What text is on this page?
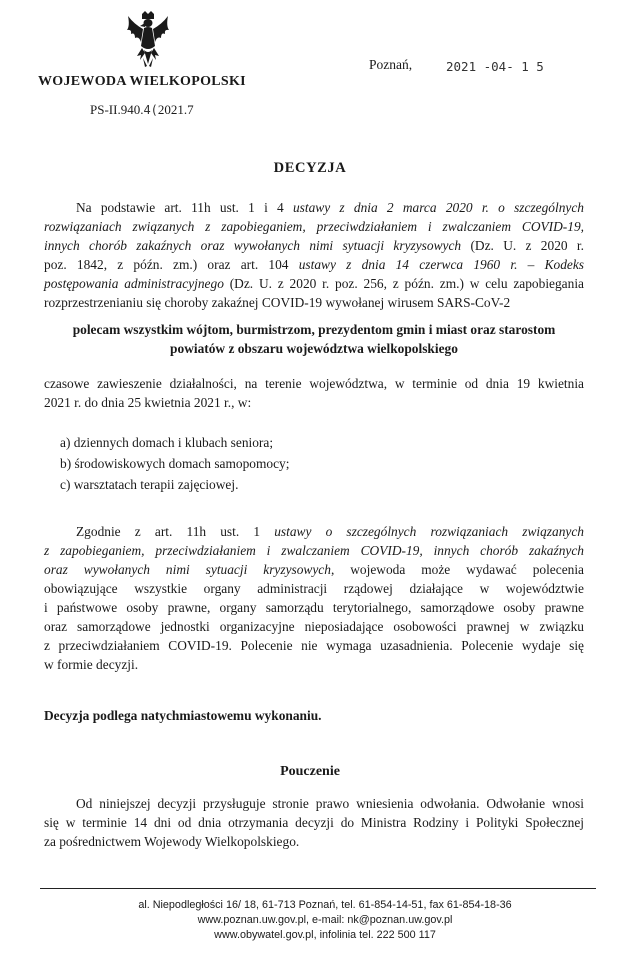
WOJEWODA WIELKOPOLSKI
PS-II.940.4(2021.7
Poznań,	2021 -04- 1 5
DECYZJA
Na podstawie art. 11h ust. 1 i 4 ustawy z dnia 2 marca 2020 r. o szczególnych
rozwiązaniach związanych z zapobieganiem, przeciwdziałaniem i zwalczaniem COVID-19,
innych chorób zakaźnych oraz wywołanych nimi sytuacji kryzysowych (Dz. U. z 2020 r.
poz. 1842, z późn. zm.) oraz art. 104 ustawy z dnia 14 czerwca 1960 r. – Kodeks
postępowania administracyjnego (Dz. U. z 2020 r. poz. 256, z późn. zm.) w celu zapobiegania
rozprzestrzenianiu się choroby zakaźnej COVID-19 wywołanej wirusem SARS-CoV-2
polecam wszystkim wójtom, burmistrzom, prezydentom gmin i miast oraz starostom
powiatów z obszaru województwa wielkopolskiego
czasowe zawieszenie działalności, na terenie województwa, w terminie od dnia 19 kwietnia
2021 r. do dnia 25 kwietnia 2021 r., w:
a) dziennych domach i klubach seniora;
b) środowiskowych domach samopomocy;
c) warsztatach terapii zajęciowej.
Zgodnie z art. 11h ust. 1 ustawy o szczególnych rozwiązaniach związanych
z zapobieganiem, przeciwdziałaniem i zwalczaniem COVID-19, innych chorób zakaźnych
oraz wywołanych nimi sytuacji kryzysowych, wojewoda może wydawać polecenia
obowiązujące wszystkie organy administracji rządowej działające w województwie
i państwowe osoby prawne, organy samorządu terytorialnego, samorządowe osoby prawne
oraz samorządowe jednostki organizacyjne nieposiadające osobowości prawnej w związku
z przeciwdziałaniem COVID-19. Polecenie nie wymaga uzasadnienia. Polecenie wydaje się
w formie decyzji.
Decyzja podlega natychmiastowemu wykonaniu.
Pouczenie
Od niniejszej decyzji przysługuje stronie prawo wniesienia odwołania. Odwołanie wnosi
się w terminie 14 dni od dnia otrzymania decyzji do Ministra Rodziny i Polityki Społecznej
za pośrednictwem Wojewody Wielkopolskiego.
al. Niepodległości 16/ 18, 61-713 Poznań, tel. 61-854-14-51, fax 61-854-18-36
www.poznan.uw.gov.pl, e-mail: nk@poznan.uw.gov.pl
www.obywatel.gov.pl, infolinia tel. 222 500 117
